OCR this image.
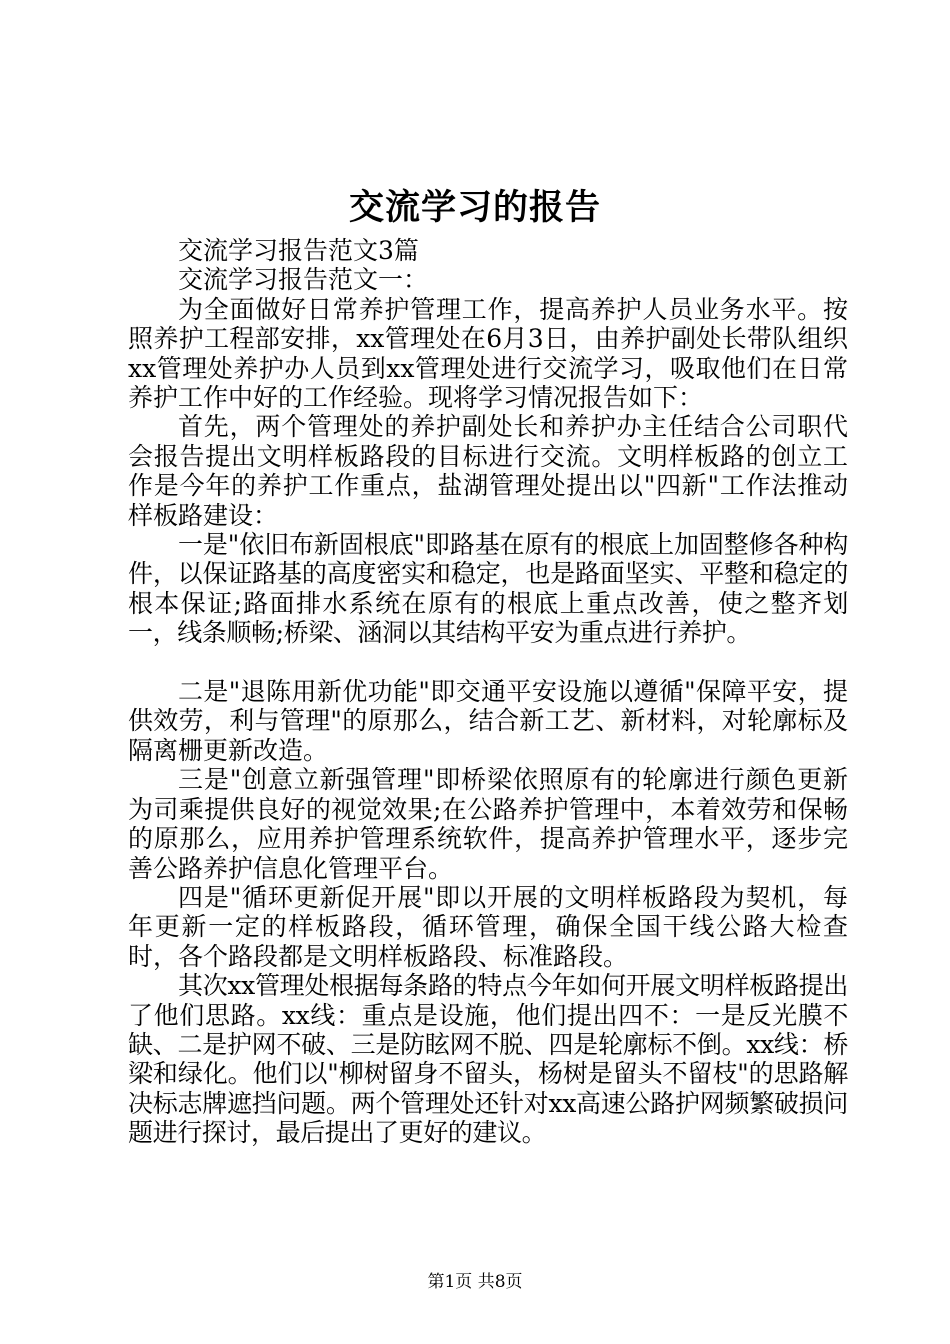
交流学习的报告

交流学习报告范文3篇

交流学习报告范文一：

为全面做好日常养护管理工作，提高养护人员业务水平。按照养护工程部安排，xx管理处在6月3日，由养护副处长带队组织xx管理处养护办人员到xx管理处进行交流学习，吸取他们在日常养护工作中好的工作经验。现将学习情况报告如下：

首先，两个管理处的养护副处长和养护办主任结合公司职代会报告提出文明样板路段的目标进行交流。文明样板路的创立工作是今年的养护工作重点，盐湖管理处提出以"四新"工作法推动样板路建设：

一是"依旧布新固根底"即路基在原有的根底上加固整修各种构件，以保证路基的高度密实和稳定，也是路面坚实、平整和稳定的根本保证;路面排水系统在原有的根底上重点改善，使之整齐划一，线条顺畅;桥梁、涵洞以其结构平安为重点进行养护。

二是"退陈用新优功能"即交通平安设施以遵循"保障平安，提供效劳，利与管理"的原那么，结合新工艺、新材料，对轮廓标及隔离栅更新改造。

三是"创意立新强管理"即桥梁依照原有的轮廓进行颜色更新为司乘提供良好的视觉效果;在公路养护管理中，本着效劳和保畅的原那么，应用养护管理系统软件，提高养护管理水平，逐步完善公路养护信息化管理平台。

四是"循环更新促开展"即以开展的文明样板路段为契机，每年更新一定的样板路段，循环管理，确保全国干线公路大检查时，各个路段都是文明样板路段、标准路段。

其次xx管理处根据每条路的特点今年如何开展文明样板路提出了他们思路。xx线：重点是设施，他们提出四不：一是反光膜不缺、二是护网不破、三是防眩网不脱、四是轮廓标不倒。xx线：桥梁和绿化。他们以"柳树留身不留头，杨树是留头不留枝"的思路解决标志牌遮挡问题。两个管理处还针对xx高速公路护网频繁破损问题进行探讨，最后提出了更好的建议。

第1页 共8页
